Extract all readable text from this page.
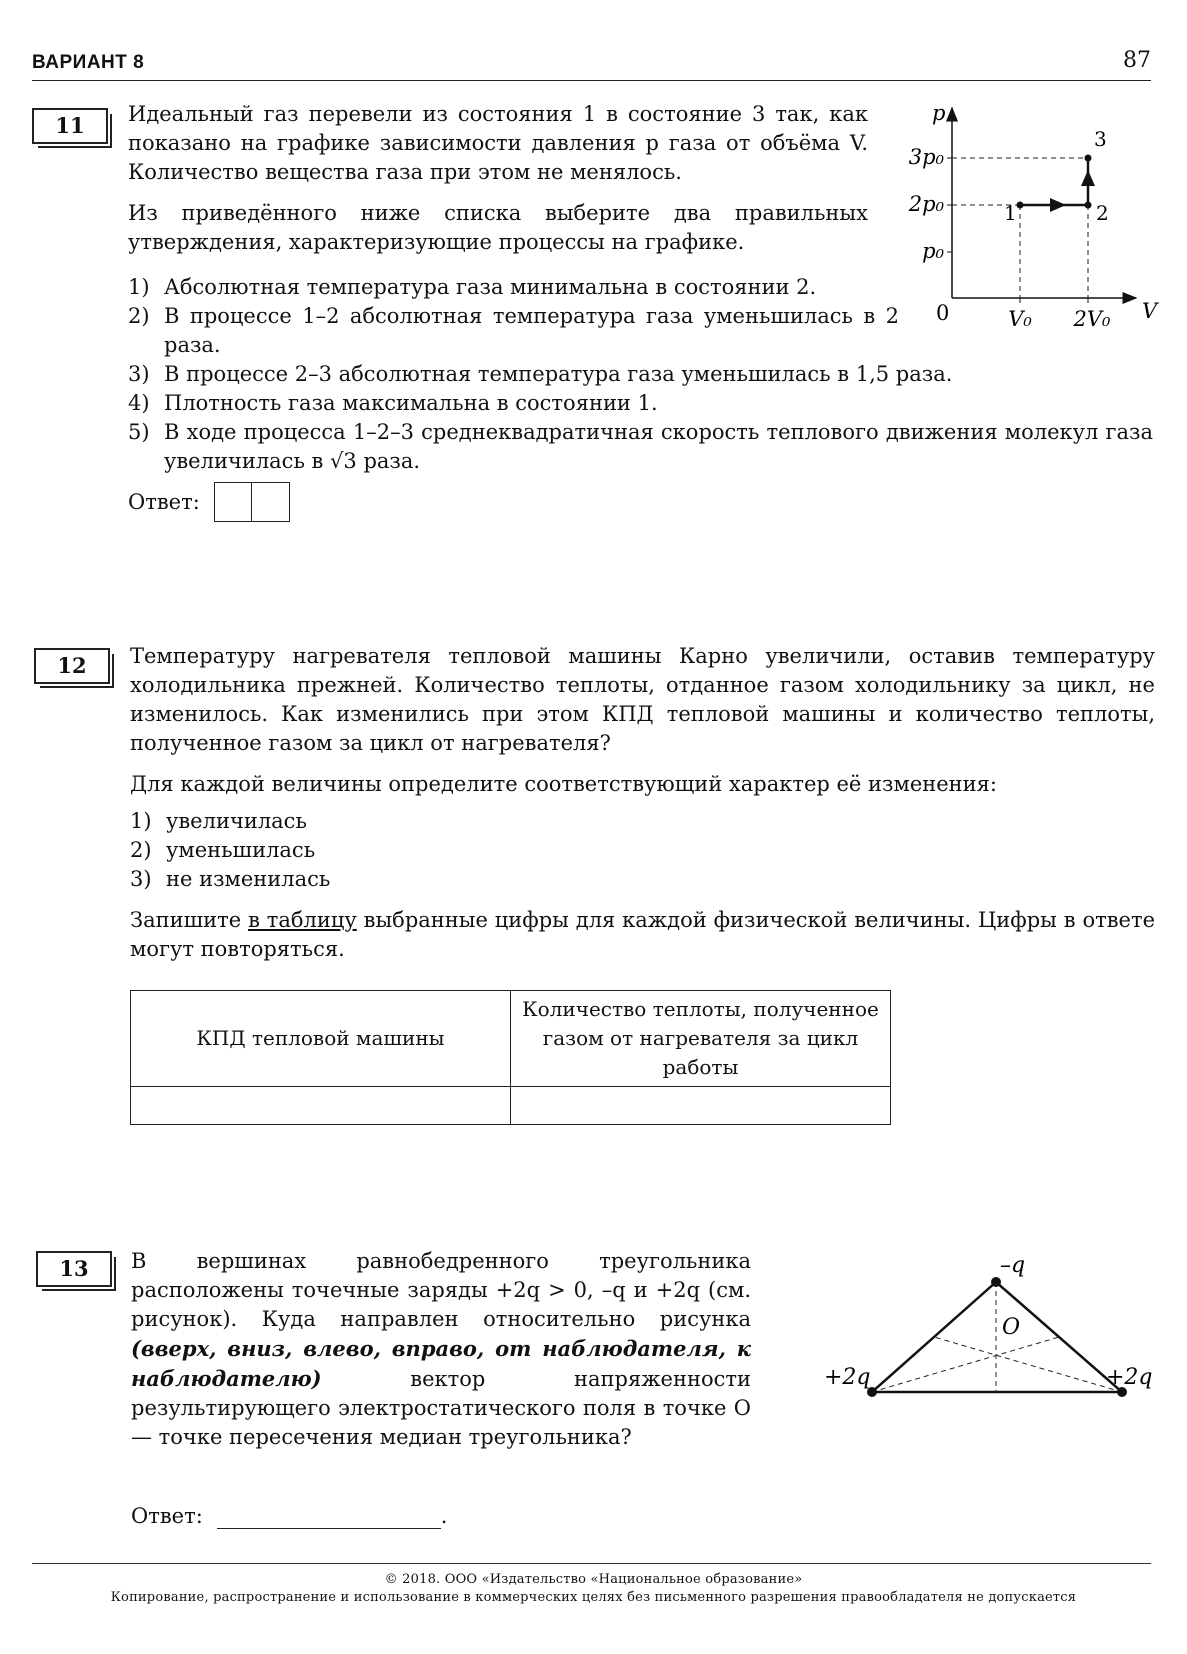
ВАРИАНТ 8	87
11	Идеальный газ перевели из состояния 1 в состояние 3 так, как показано на графике зависимости давления p газа от объёма V. Количество вещества газа при этом не менялось.

Из приведённого ниже списка выберите два правильных утверждения, характеризующие процессы на графике.

p
V
0
3p₀
2p₀
p₀
V₀ 2V₀
1	2
3
1) Абсолютная температура газа минимальна в состоянии 2.
2) В процессе 1–2 абсолютная температура газа уменьшилась в 2 раза.
3) В процессе 2–3 абсолютная температура газа уменьшилась в 1,5 раза.
4) Плотность газа максимальна в состоянии 1.
5) В ходе процесса 1–2–3 среднеквадратичная скорость теплового движения молекул газа увеличилась в √3 раза.
Ответ:
12	Температуру нагревателя тепловой машины Карно увеличили, оставив температуру холодильника прежней. Количество теплоты, отданное газом холодильнику за цикл, не изменилось. Как изменились при этом КПД тепловой машины и количество теплоты, полученное газом за цикл от нагревателя?

Для каждой величины определите соответствующий характер её изменения:

1) увеличилась
2) уменьшилась
3) не изменилась

Запишите в таблицу выбранные цифры для каждой физической величины. Цифры в ответе могут повторяться.

КПД тепловой машины	Количество теплоты, полученное газом от нагревателя за цикл работы

13	В вершинах равнобедренного треугольника расположены точечные заряды +2q > 0, –q и +2q (см. рисунок). Куда направлен относительно рисунка (вверх, вниз, влево, вправо, от наблюдателя, к наблюдателю) вектор напряженности результирующего электростатического поля в точке O — точке пересечения медиан треугольника?

–q
+2q	+2q
O
Ответ:	.
© 2018. ООО «Издательство «Национальное образование»
Копирование, распространение и использование в коммерческих целях без письменного разрешения правообладателя не допускается
